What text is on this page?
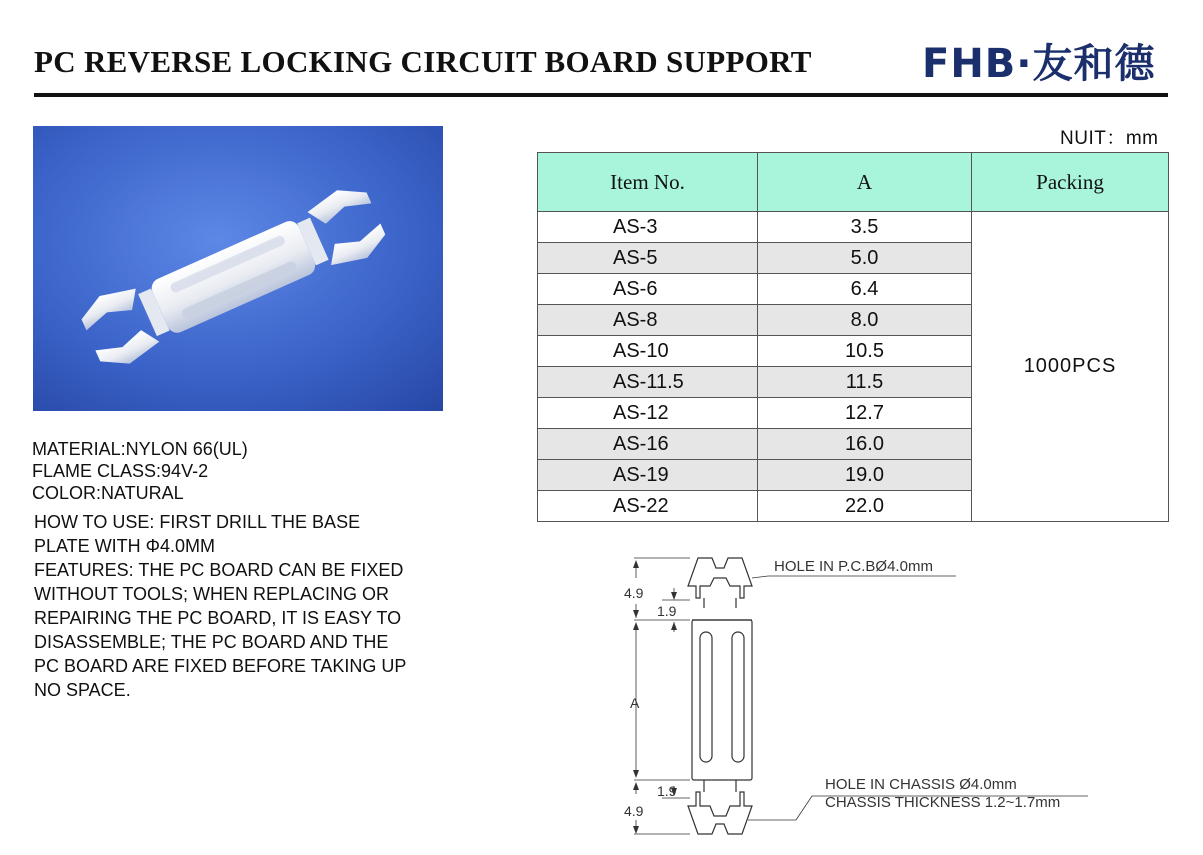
PC REVERSE LOCKING CIRCUIT BOARD SUPPORT	FHB·友和德
MATERIAL:NYLON 66(UL)
FLAME CLASS:94V-2
COLOR:NATURAL
HOW TO USE: FIRST DRILL THE BASE
PLATE WITH Φ4.0MM
FEATURES: THE PC BOARD CAN BE FIXED
WITHOUT TOOLS; WHEN REPLACING OR
REPAIRING THE PC BOARD, IT IS EASY TO
DISASSEMBLE; THE PC BOARD AND THE
PC BOARD ARE FIXED BEFORE TAKING UP
NO SPACE.
NUIT：mm
Item No.	A	Packing
AS-3	3.5	1000PCS
AS-5	5.0	
AS-6	6.4	
AS-8	8.0	
AS-10	10.5	
AS-11.5	11.5	
AS-12	12.7	
AS-16	16.0	
AS-19	19.0	
AS-22	22.0	
4.9
1.9
A
1.9
4.9
HOLE IN P.C.BØ4.0mm
HOLE IN CHASSIS Ø4.0mm
CHASSIS THICKNESS 1.2~1.7mm
